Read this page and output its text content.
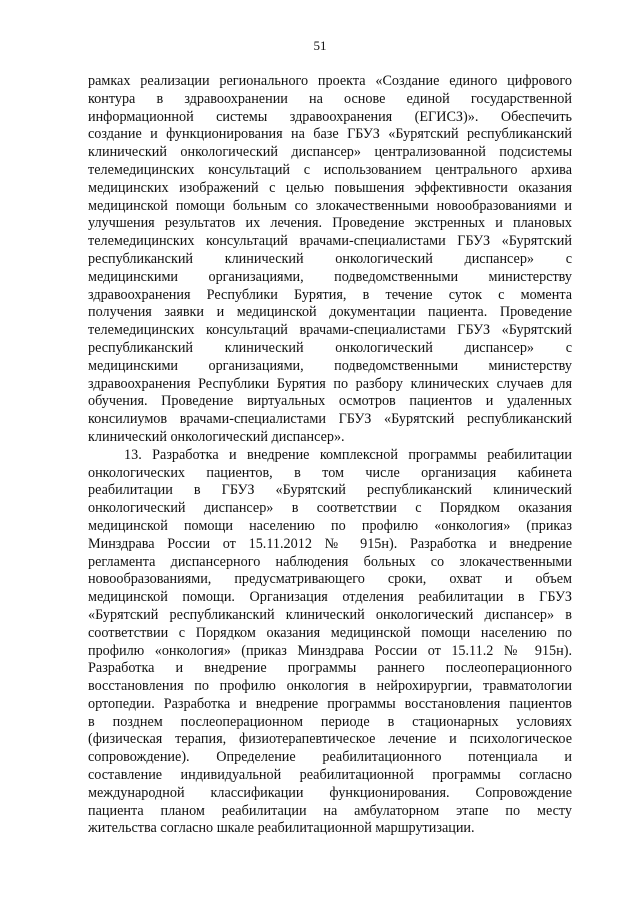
51
рамках реализации регионального проекта «Создание единого цифрового
контура в здравоохранении на основе единой государственной
информационной системы здравоохранения (ЕГИСЗ)». Обеспечить
создание и функционирования на базе ГБУЗ «Бурятский республиканский
клинический онкологический диспансер» централизованной подсистемы
телемедицинских консультаций с использованием центрального архива
медицинских изображений с целью повышения эффективности оказания
медицинской помощи больным со злокачественными новообразованиями и
улучшения результатов их лечения. Проведение экстренных и плановых
телемедицинских консультаций врачами-специалистами ГБУЗ «Бурятский
республиканский клинический онкологический диспансер» с
медицинскими организациями, подведомственными министерству
здравоохранения Республики Бурятия, в течение суток с момента
получения заявки и медицинской документации пациента. Проведение
телемедицинских консультаций врачами-специалистами ГБУЗ «Бурятский
республиканский клинический онкологический диспансер» с
медицинскими организациями, подведомственными министерству
здравоохранения Республики Бурятия по разбору клинических случаев для
обучения. Проведение виртуальных осмотров пациентов и удаленных
консилиумов врачами-специалистами ГБУЗ «Бурятский республиканский
клинический онкологический диспансер».
13. Разработка и внедрение комплексной программы реабилитации
онкологических пациентов, в том числе организация кабинета
реабилитации в ГБУЗ «Бурятский республиканский клинический
онкологический диспансер» в соответствии с Порядком оказания
медицинской помощи населению по профилю «онкология» (приказ
Минздрава России от 15.11.2012 № 915н). Разработка и внедрение
регламента диспансерного наблюдения больных со злокачественными
новообразованиями, предусматривающего сроки, охват и объем
медицинской помощи. Организация отделения реабилитации в ГБУЗ
«Бурятский республиканский клинический онкологический диспансер» в
соответствии с Порядком оказания медицинской помощи населению по
профилю «онкология» (приказ Минздрава России от 15.11.2 № 915н).
Разработка и внедрение программы раннего послеоперационного
восстановления по профилю онкология в нейрохирургии, травматологии
ортопедии. Разработка и внедрение программы восстановления пациентов
в позднем послеоперационном периоде в стационарных условиях
(физическая терапия, физиотерапевтическое лечение и психологическое
сопровождение). Определение реабилитационного потенциала и
составление индивидуальной реабилитационной программы согласно
международной классификации функционирования. Сопровождение
пациента планом реабилитации на амбулаторном этапе по месту
жительства согласно шкале реабилитационной маршрутизации.
